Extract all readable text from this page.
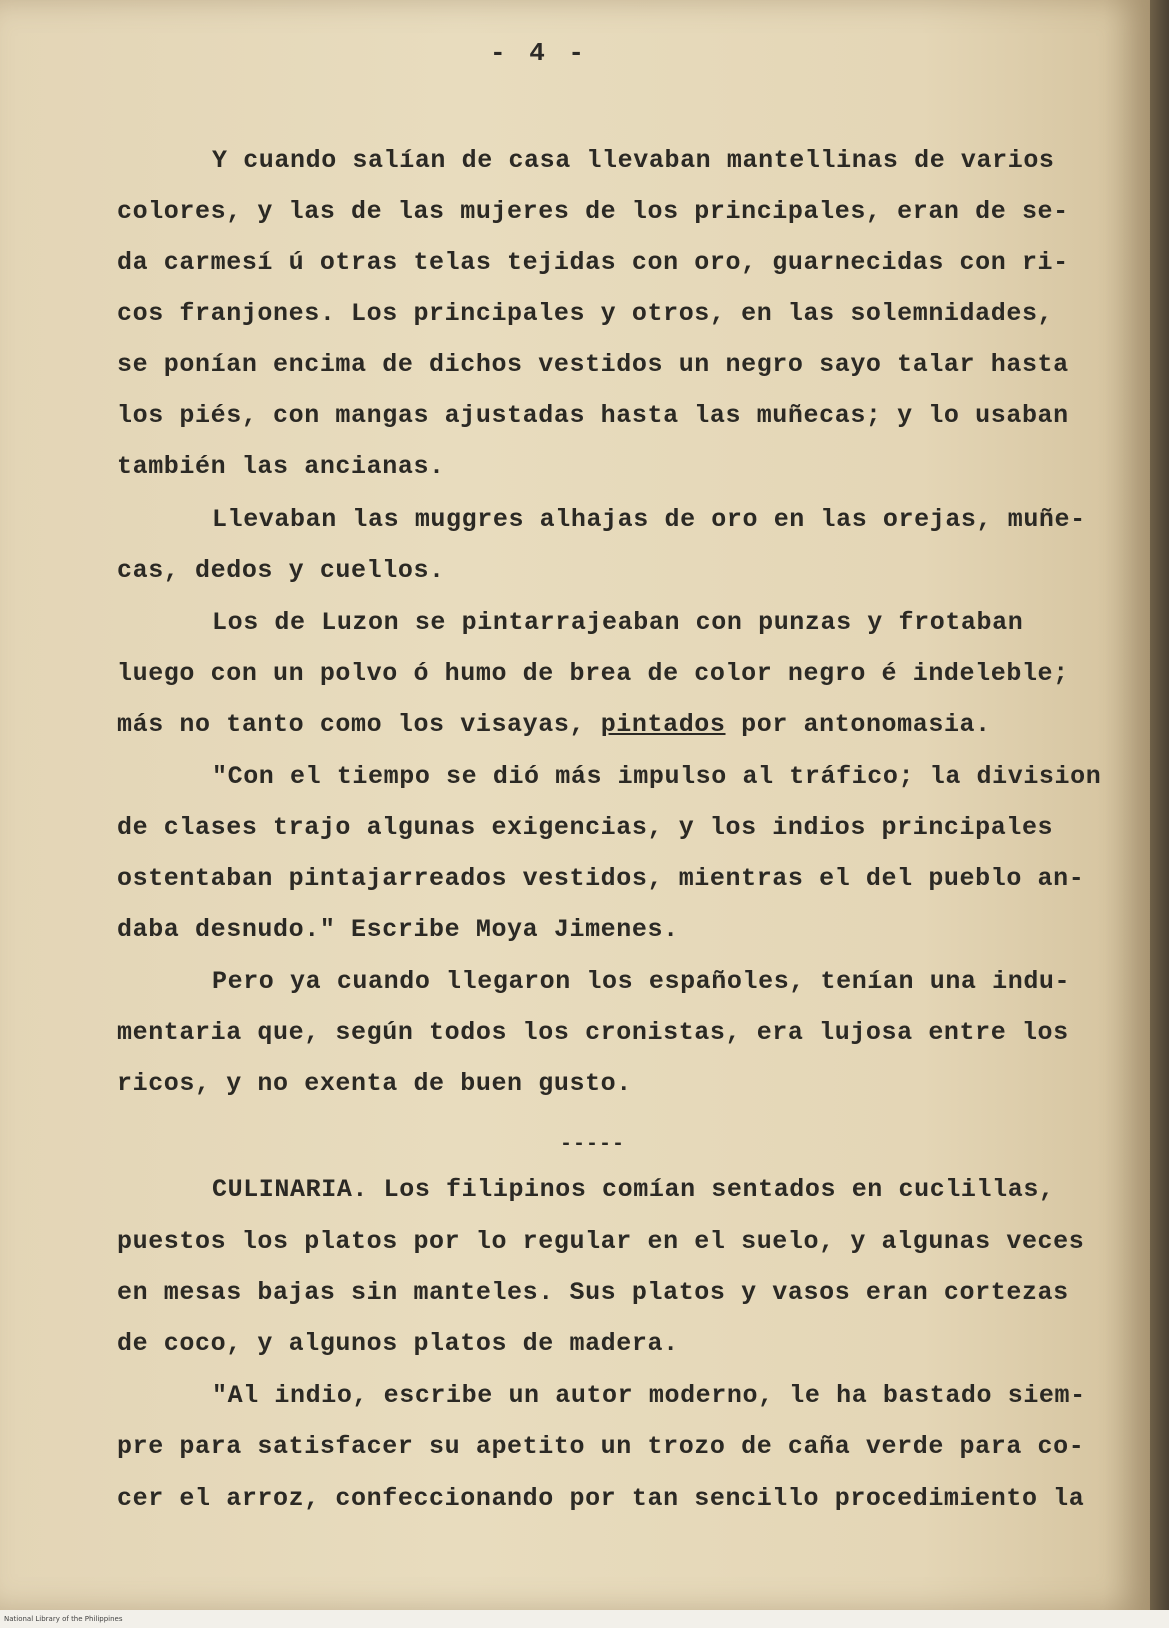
- 4 -
Y cuando salían de casa llevaban mantellinas de varios
colores, y las de las mujeres de los principales, eran de se-
da carmesí ú otras telas tejidas con oro, guarnecidas con ri-
cos franjones. Los principales y otros, en las solemnidades,
se ponían encima de dichos vestidos un negro sayo talar hasta
los piés, con mangas ajustadas hasta las muñecas; y lo usaban
también las ancianas.
Llevaban las muggres alhajas de oro en las orejas, muñe-
cas, dedos y cuellos.
Los de Luzon se pintarrajeaban con punzas y frotaban
luego con un polvo ó humo de brea de color negro é indeleble;
más no tanto como los visayas, pintados por antonomasia.
"Con el tiempo se dió más impulso al tráfico; la division
de clases trajo algunas exigencias, y los indios principales
ostentaban pintajarreados vestidos, mientras el del pueblo an-
daba desnudo." Escribe Moya Jimenes.
Pero ya cuando llegaron los españoles, tenían una indu-
mentaria que, según todos los cronistas, era lujosa entre los
ricos, y no exenta de buen gusto.
-----
CULINARIA. Los filipinos comían sentados en cuclillas,
puestos los platos por lo regular en el suelo, y algunas veces
en mesas bajas sin manteles. Sus platos y vasos eran cortezas
de coco, y algunos platos de madera.
"Al indio, escribe un autor moderno, le ha bastado siem-
pre para satisfacer su apetito un trozo de caña verde para co-
cer el arroz, confeccionando por tan sencillo procedimiento la
National Library of the Philippines
